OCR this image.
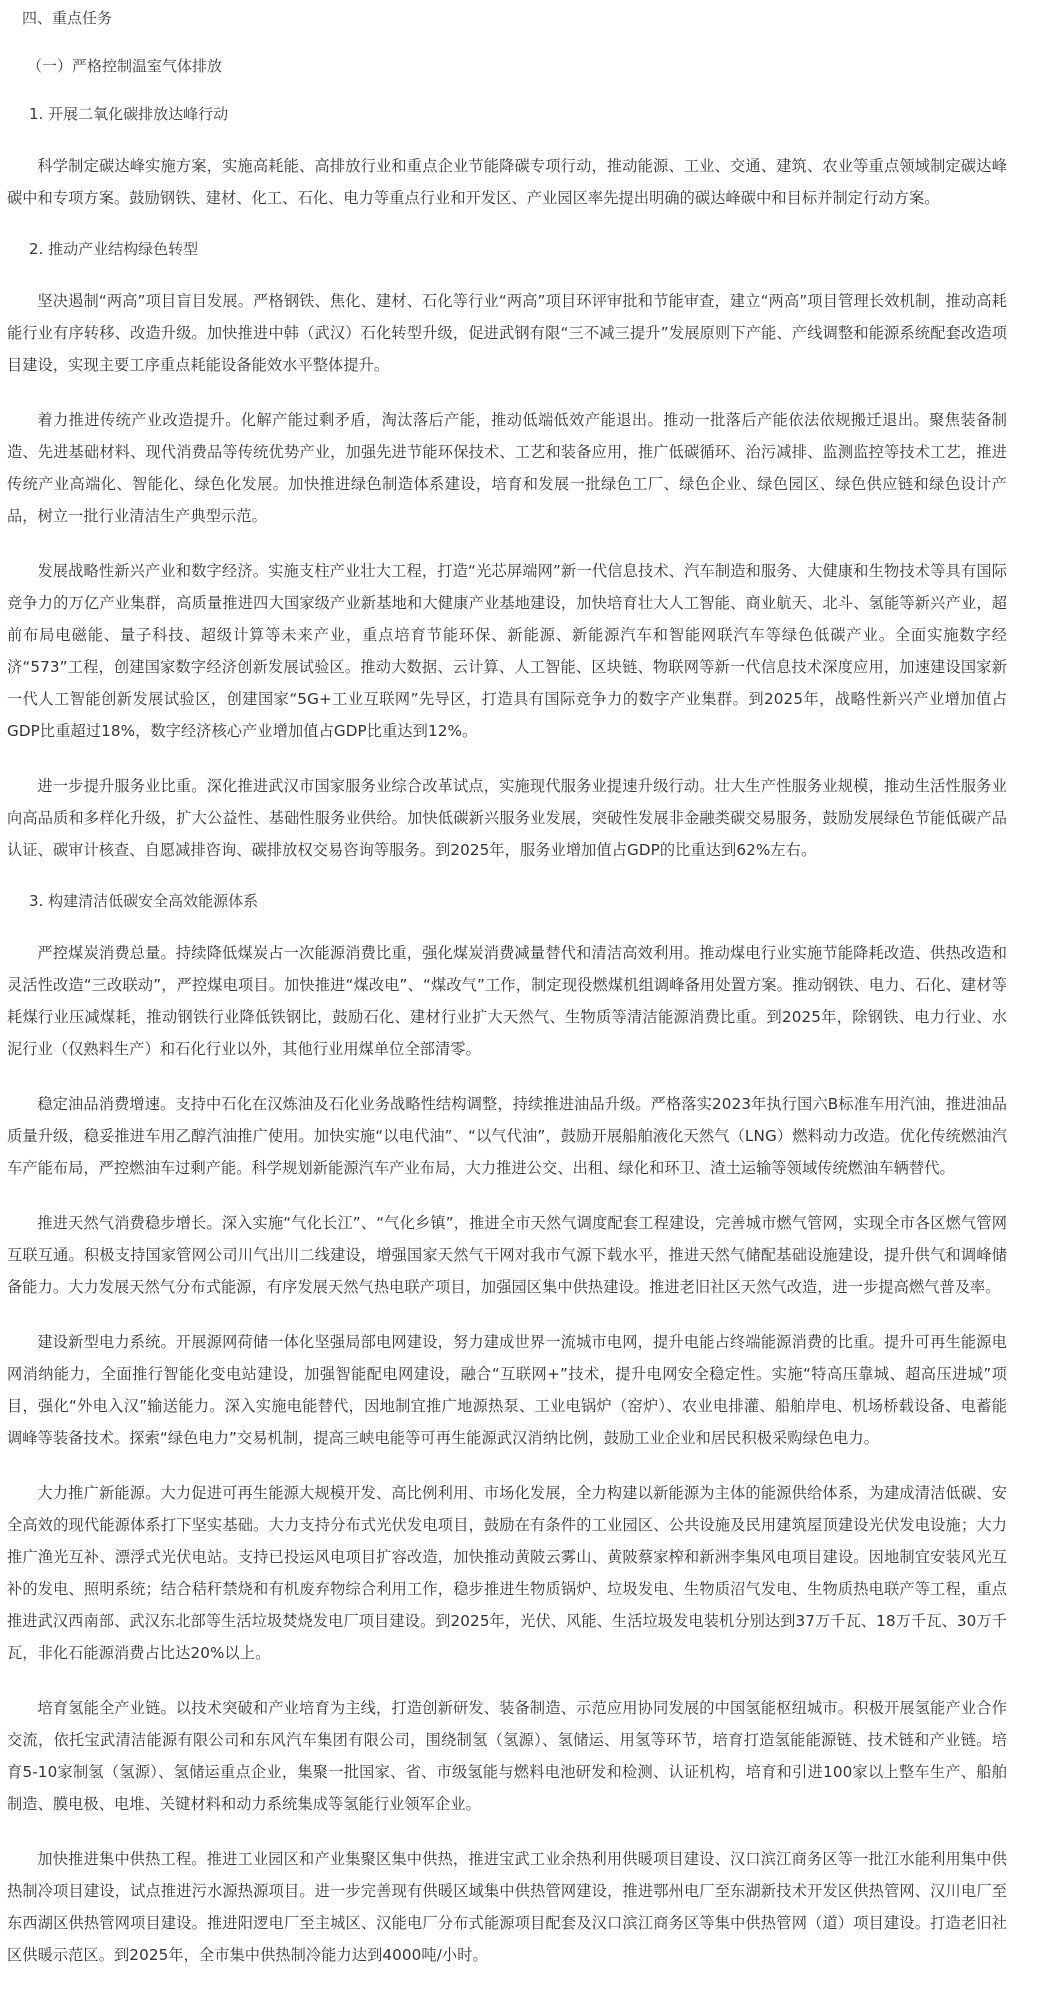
四、重点任务
（一）严格控制温室气体排放
1. 开展二氧化碳排放达峰行动

科学制定碳达峰实施方案，实施高耗能、高排放行业和重点企业节能降碳专项行动，推动能源、工业、交通、建筑、农业等重点领域制定碳达峰碳中和专项方案。鼓励钢铁、建材、化工、石化、电力等重点行业和开发区、产业园区率先提出明确的碳达峰碳中和目标并制定行动方案。

2. 推动产业结构绿色转型

坚决遏制“两高”项目盲目发展。严格钢铁、焦化、建材、石化等行业“两高”项目环评审批和节能审查，建立“两高”项目管理长效机制，推动高耗能行业有序转移、改造升级。加快推进中韩（武汉）石化转型升级，促进武钢有限“三不减三提升”发展原则下产能、产线调整和能源系统配套改造项目建设，实现主要工序重点耗能设备能效水平整体提升。

着力推进传统产业改造提升。化解产能过剩矛盾，淘汰落后产能，推动低端低效产能退出。推动一批落后产能依法依规搬迁退出。聚焦装备制造、先进基础材料、现代消费品等传统优势产业，加强先进节能环保技术、工艺和装备应用，推广低碳循环、治污减排、监测监控等技术工艺，推进传统产业高端化、智能化、绿色化发展。加快推进绿色制造体系建设，培育和发展一批绿色工厂、绿色企业、绿色园区、绿色供应链和绿色设计产品，树立一批行业清洁生产典型示范。

发展战略性新兴产业和数字经济。实施支柱产业壮大工程，打造“光芯屏端网”新一代信息技术、汽车制造和服务、大健康和生物技术等具有国际竞争力的万亿产业集群，高质量推进四大国家级产业新基地和大健康产业基地建设，加快培育壮大人工智能、商业航天、北斗、氢能等新兴产业，超前布局电磁能、量子科技、超级计算等未来产业，重点培育节能环保、新能源、新能源汽车和智能网联汽车等绿色低碳产业。全面实施数字经济“573”工程，创建国家数字经济创新发展试验区。推动大数据、云计算、人工智能、区块链、物联网等新一代信息技术深度应用，加速建设国家新一代人工智能创新发展试验区，创建国家“5G+工业互联网”先导区，打造具有国际竞争力的数字产业集群。到2025年，战略性新兴产业增加值占GDP比重超过18%，数字经济核心产业增加值占GDP比重达到12%。

进一步提升服务业比重。深化推进武汉市国家服务业综合改革试点，实施现代服务业提速升级行动。壮大生产性服务业规模，推动生活性服务业向高品质和多样化升级，扩大公益性、基础性服务业供给。加快低碳新兴服务业发展，突破性发展非金融类碳交易服务，鼓励发展绿色节能低碳产品认证、碳审计核查、自愿减排咨询、碳排放权交易咨询等服务。到2025年，服务业增加值占GDP的比重达到62%左右。

3. 构建清洁低碳安全高效能源体系

严控煤炭消费总量。持续降低煤炭占一次能源消费比重，强化煤炭消费减量替代和清洁高效利用。推动煤电行业实施节能降耗改造、供热改造和灵活性改造“三改联动”，严控煤电项目。加快推进“煤改电”、“煤改气”工作，制定现役燃煤机组调峰备用处置方案。推动钢铁、电力、石化、建材等耗煤行业压减煤耗，推动钢铁行业降低铁钢比，鼓励石化、建材行业扩大天然气、生物质等清洁能源消费比重。到2025年，除钢铁、电力行业、水泥行业（仅熟料生产）和石化行业以外，其他行业用煤单位全部清零。

稳定油品消费增速。支持中石化在汉炼油及石化业务战略性结构调整，持续推进油品升级。严格落实2023年执行国六B标准车用汽油，推进油品质量升级，稳妥推进车用乙醇汽油推广使用。加快实施“以电代油”、“以气代油”，鼓励开展船舶液化天然气（LNG）燃料动力改造。优化传统燃油汽车产能布局，严控燃油车过剩产能。科学规划新能源汽车产业布局，大力推进公交、出租、绿化和环卫、渣土运输等领域传统燃油车辆替代。

推进天然气消费稳步增长。深入实施“气化长江”、“气化乡镇”，推进全市天然气调度配套工程建设，完善城市燃气管网，实现全市各区燃气管网互联互通。积极支持国家管网公司川气出川二线建设，增强国家天然气干网对我市气源下载水平，推进天然气储配基础设施建设，提升供气和调峰储备能力。大力发展天然气分布式能源，有序发展天然气热电联产项目，加强园区集中供热建设。推进老旧社区天然气改造，进一步提高燃气普及率。

建设新型电力系统。开展源网荷储一体化坚强局部电网建设，努力建成世界一流城市电网，提升电能占终端能源消费的比重。提升可再生能源电网消纳能力，全面推行智能化变电站建设，加强智能配电网建设，融合“互联网+”技术，提升电网安全稳定性。实施“特高压靠城、超高压进城”项目，强化“外电入汉”输送能力。深入实施电能替代，因地制宜推广地源热泵、工业电锅炉（窑炉）、农业电排灌、船舶岸电、机场桥载设备、电蓄能调峰等装备技术。探索“绿色电力”交易机制，提高三峡电能等可再生能源武汉消纳比例，鼓励工业企业和居民积极采购绿色电力。

大力推广新能源。大力促进可再生能源大规模开发、高比例利用、市场化发展，全力构建以新能源为主体的能源供给体系，为建成清洁低碳、安全高效的现代能源体系打下坚实基础。大力支持分布式光伏发电项目，鼓励在有条件的工业园区、公共设施及民用建筑屋顶建设光伏发电设施；大力推广渔光互补、漂浮式光伏电站。支持已投运风电项目扩容改造，加快推动黄陂云雾山、黄陂蔡家榨和新洲李集风电项目建设。因地制宜安装风光互补的发电、照明系统；结合秸秆禁烧和有机废弃物综合利用工作，稳步推进生物质锅炉、垃圾发电、生物质沼气发电、生物质热电联产等工程，重点推进武汉西南部、武汉东北部等生活垃圾焚烧发电厂项目建设。到2025年，光伏、风能、生活垃圾发电装机分别达到37万千瓦、18万千瓦、30万千瓦，非化石能源消费占比达20%以上。

培育氢能全产业链。以技术突破和产业培育为主线，打造创新研发、装备制造、示范应用协同发展的中国氢能枢纽城市。积极开展氢能产业合作交流，依托宝武清洁能源有限公司和东风汽车集团有限公司，围绕制氢（氢源）、氢储运、用氢等环节，培育打造氢能能源链、技术链和产业链。培育5-10家制氢（氢源）、氢储运重点企业，集聚一批国家、省、市级氢能与燃料电池研发和检测、认证机构，培育和引进100家以上整车生产、船舶制造、膜电极、电堆、关键材料和动力系统集成等氢能行业领军企业。

加快推进集中供热工程。推进工业园区和产业集聚区集中供热，推进宝武工业余热利用供暖项目建设、汉口滨江商务区等一批江水能利用集中供热制冷项目建设，试点推进污水源热源项目。进一步完善现有供暖区域集中供热管网建设，推进鄂州电厂至东湖新技术开发区供热管网、汉川电厂至东西湖区供热管网项目建设。推进阳逻电厂至主城区、汉能电厂分布式能源项目配套及汉口滨江商务区等集中供热管网（道）项目建设。打造老旧社区供暖示范区。到2025年，全市集中供热制冷能力达到4000吨/小时。
